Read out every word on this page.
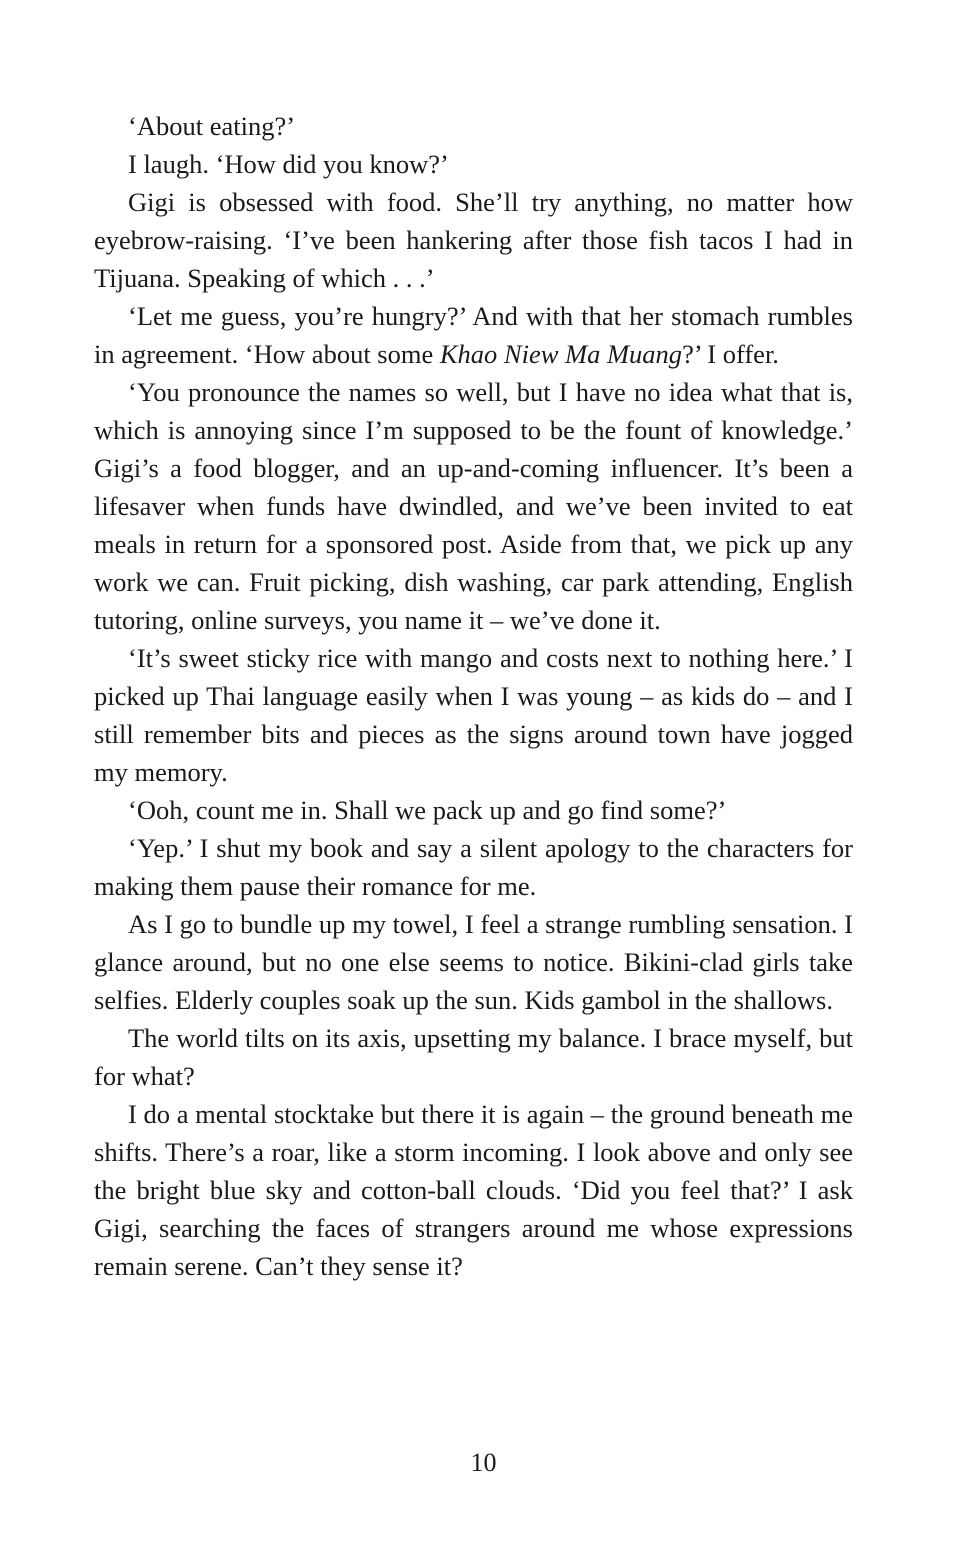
‘About eating?’

I laugh. ‘How did you know?’

Gigi is obsessed with food. She’ll try anything, no matter how eyebrow-raising. ‘I’ve been hankering after those fish tacos I had in Tijuana. Speaking of which . . .’

‘Let me guess, you’re hungry?’ And with that her stomach rumbles in agreement. ‘How about some Khao Niew Ma Muang?’ I offer.

‘You pronounce the names so well, but I have no idea what that is, which is annoying since I’m supposed to be the fount of knowledge.’ Gigi’s a food blogger, and an up-and-coming influencer. It’s been a lifesaver when funds have dwindled, and we’ve been invited to eat meals in return for a sponsored post. Aside from that, we pick up any work we can. Fruit picking, dish washing, car park attending, English tutoring, online surveys, you name it – we’ve done it.

‘It’s sweet sticky rice with mango and costs next to nothing here.’ I picked up Thai language easily when I was young – as kids do – and I still remember bits and pieces as the signs around town have jogged my memory.

‘Ooh, count me in. Shall we pack up and go find some?’

‘Yep.’ I shut my book and say a silent apology to the characters for making them pause their romance for me.

As I go to bundle up my towel, I feel a strange rumbling sensation. I glance around, but no one else seems to notice. Bikini-clad girls take selfies. Elderly couples soak up the sun. Kids gambol in the shallows.

The world tilts on its axis, upsetting my balance. I brace myself, but for what?

I do a mental stocktake but there it is again – the ground beneath me shifts. There’s a roar, like a storm incoming. I look above and only see the bright blue sky and cotton-ball clouds. ‘Did you feel that?’ I ask Gigi, searching the faces of strangers around me whose expressions remain serene. Can’t they sense it?

10
